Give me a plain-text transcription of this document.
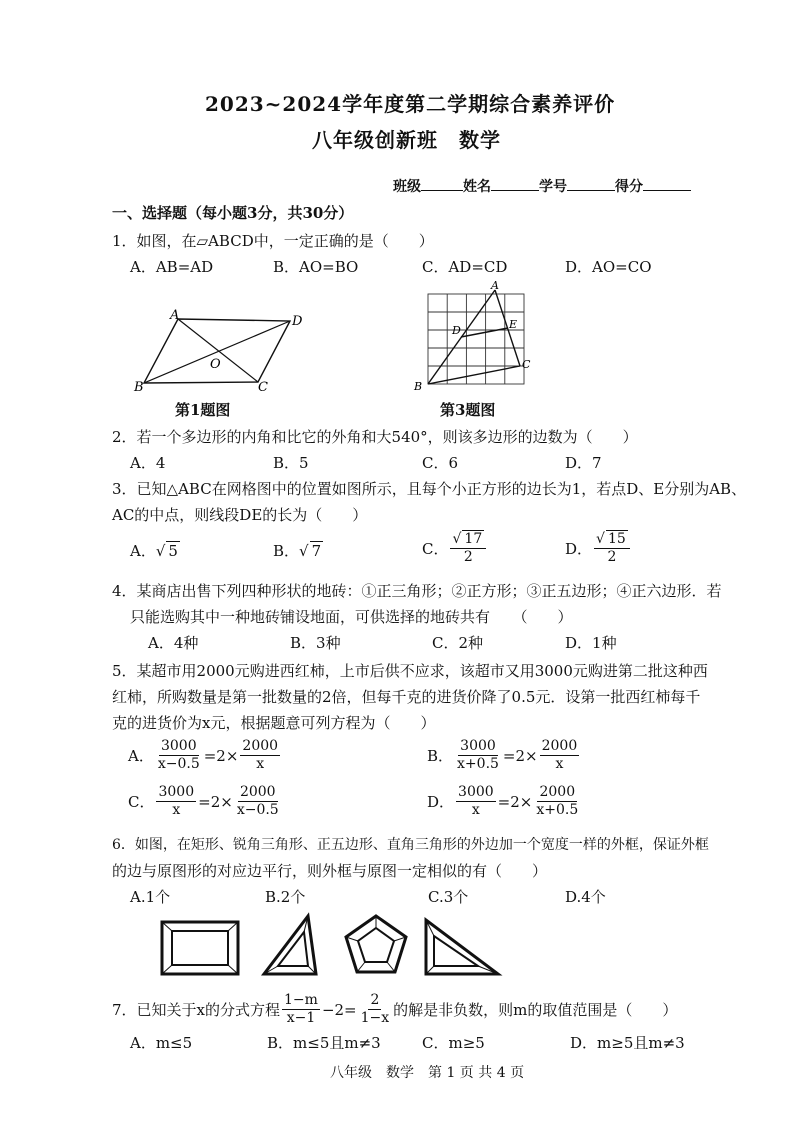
2023~2024学年度第二学期综合素养评价
八年级创新班　数学
班级	姓名	学号	得分
一、选择题（每小题3分，共30分）
1．如图，在▱ABCD中，一定正确的是（　　）
A．AB=AD	B．AO=BO	C．AD=CD	D．AO=CO
A	D
B	C
O
第1题图
A
D	E
C
B
第3题图
2．若一个多边形的内角和比它的外角和大540°，则该多边形的边数为（　　）
A．4	B．5	C．6	D．7
3．已知△ABC在网格图中的位置如图所示，且每个小正方形的边长为1，若点D、E分别为AB、
AC的中点，则线段DE的长为（　　）
A．√ 5	B．√ 7	C． $\frac{√ 17}{2}$	D． $\frac{√ 15}{2}$
4．某商店出售下列四种形状的地砖：①正三角形；②正方形；③正五边形；④正六边形．若
只能选购其中一种地砖铺设地面，可供选择的地砖共有　　（　　）
A．4种	B．3种	C．2种	D．1种
5．某超市用2000元购进西红柿，上市后供不应求，该超市又用3000元购进第二批这种西
红柿，所购数量是第一批数量的2倍，但每千克的进货价降了0.5元．设第一批西红柿每千
克的进货价为x元，根据题意可列方程为（　　）
A． $\frac{3000}{x-0.5} =2\times \frac{2000}{x}$	B． $\frac{3000}{x+0.5} =2\times \frac{2000}{x}$
C． $\frac{3000}{x} =2\times \frac{2000}{x-0.5}$	D． $\frac{3000}{x} =2\times \frac{2000}{x+0.5}$
6．如图，在矩形、锐角三角形、正五边形、直角三角形的外边加一个宽度一样的外框，保证外框
的边与原图形的对应边平行，则外框与原图一定相似的有（　　）
A.1个	B.2个	C.3个	D.4个
7．已知关于x的分式方程 $\frac{1-m}{x-1} -2= \frac{2}{1-x}$ 的解是非负数，则m的取值范围是（　　）
A．m≤5	B．m≤5且m≠3	C．m≥5	D．m≥5且m≠3
八年级　数学　第 1 页 共 4 页
